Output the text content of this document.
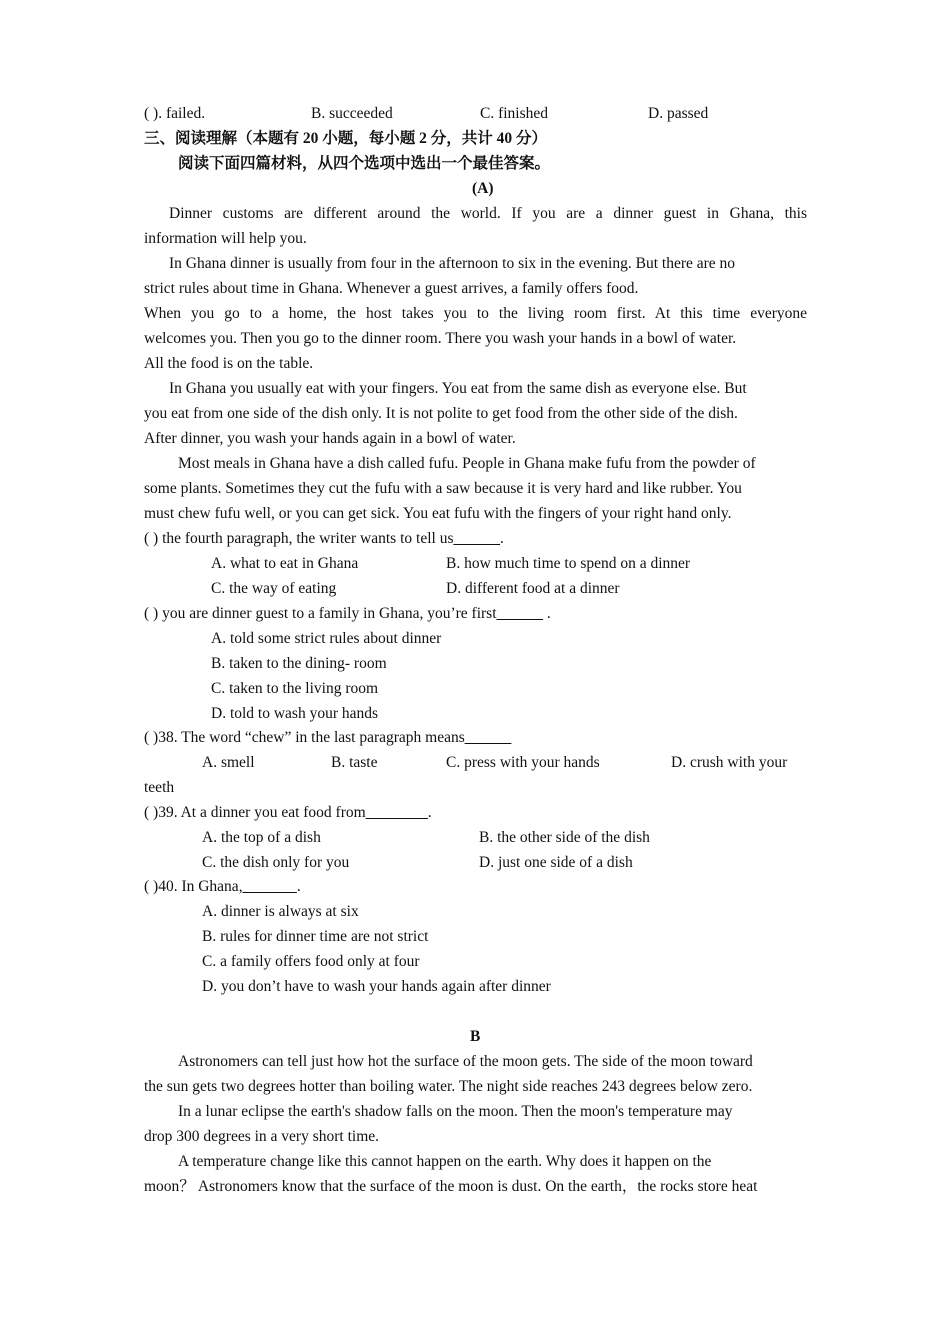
( ). failed.	B. succeeded	C. finished	D. passed
三、阅读理解（本题有 20 小题，每小题 2 分，共计 40 分）
阅读下面四篇材料，从四个选项中选出一个最佳答案。
(A)
Dinner customs are different around the world. If you are a dinner guest in Ghana, this
information will help you.
In Ghana dinner is usually from four in the afternoon to six in the evening. But there are no
strict rules about time in Ghana. Whenever a guest arrives, a family offers food.
When you go to a home, the host takes you to the living room first. At this time everyone
welcomes you. Then you go to the dinner room. There you wash your hands in a bowl of water.
All the food is on the table.
In Ghana you usually eat with your fingers. You eat from the same dish as everyone else. But
you eat from one side of the dish only. It is not polite to get food from the other side of the dish.
After dinner, you wash your hands again in a bowl of water.
Most meals in Ghana have a dish called fufu. People in Ghana make fufu from the powder of
some plants. Sometimes they cut the fufu with a saw because it is very hard and like rubber. You
must chew fufu well, or you can get sick. You eat fufu with the fingers of your right hand only.
( ) the fourth paragraph, the writer wants to tell us______.
A. what to eat in Ghana	B. how much time to spend on a dinner
C. the way of eating	D. different food at a dinner
( ) you are dinner guest to a family in Ghana, you’re first______ .
A. told some strict rules about dinner
B. taken to the dining- room
C. taken to the living room
D. told to wash your hands
( )38. The word “chew” in the last paragraph means______
A. smell	B. taste	C. press with your hands	D. crush with your
teeth
( )39. At a dinner you eat food from________.
A. the top of a dish	B. the other side of the dish
C. the dish only for you	D. just one side of a dish
( )40. In Ghana,_______.
A. dinner is always at six
B. rules for dinner time are not strict
C. a family offers food only at four
D. you don’t have to wash your hands again after dinner
B
Astronomers can tell just how hot the surface of the moon gets. The side of the moon toward
the sun gets two degrees hotter than boiling water. The night side reaches 243 degrees below zero.
In a lunar eclipse the earth's shadow falls on the moon. Then the moon's temperature may
drop 300 degrees in a very short time.
A temperature change like this cannot happen on the earth. Why does it happen on the
moon？ Astronomers know that the surface of the moon is dust. On the earth，the rocks store heat
